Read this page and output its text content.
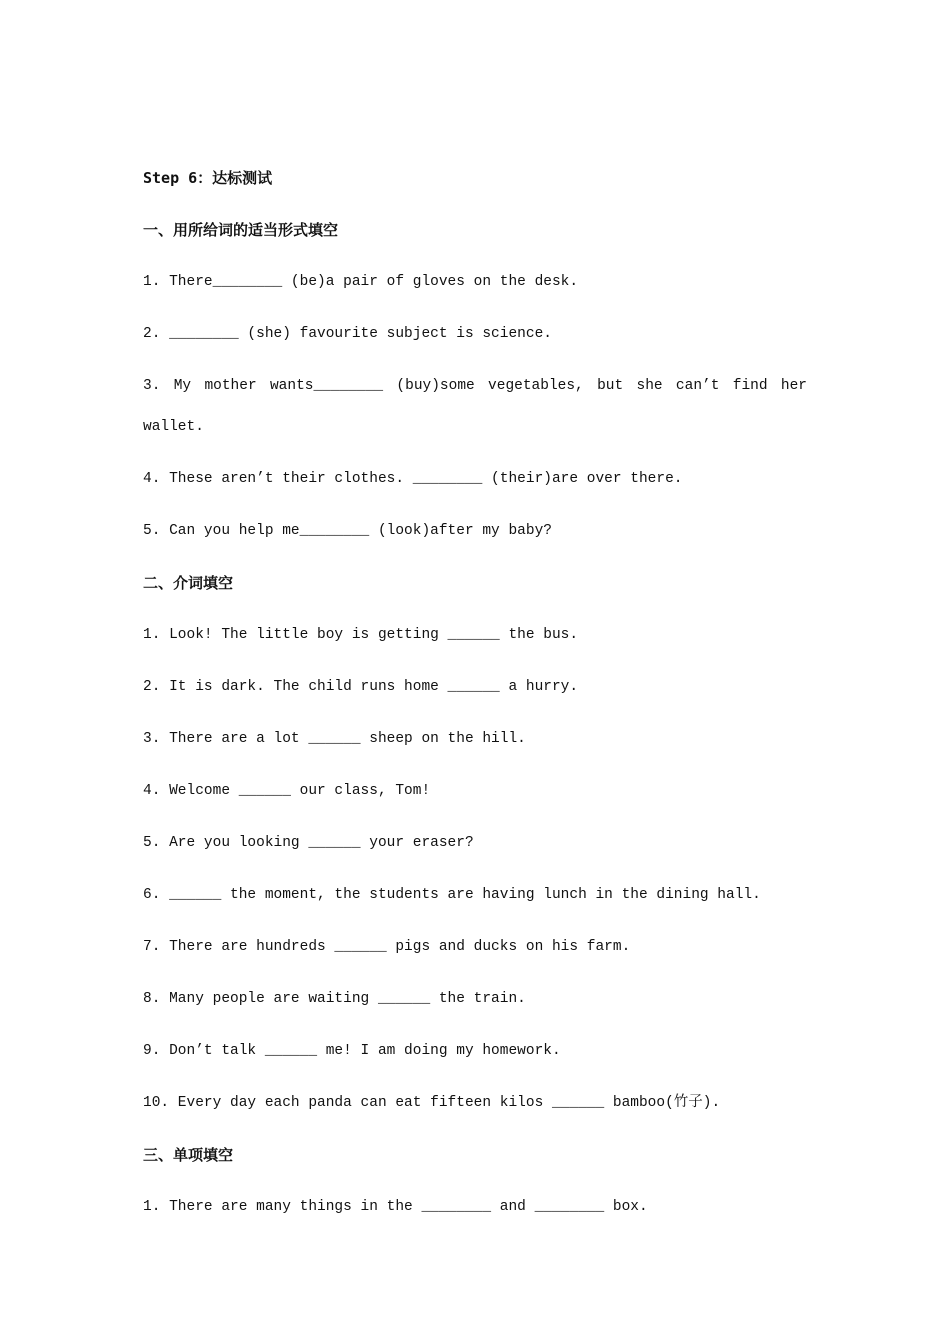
Step 6：达标测试
一、用所给词的适当形式填空
1. There________ (be)a pair of gloves on the desk.
2. ________ (she) favourite subject is science.
3. My mother wants________ (buy)some vegetables, but she can’t find her
wallet.
4. These aren’t their clothes. ________ (their)are over there.
5. Can you help me________ (look)after my baby?
二、介词填空
1. Look! The little boy is getting ______ the bus.
2. It is dark. The child runs home ______ a hurry.
3. There are a lot ______ sheep on the hill.
4. Welcome ______ our class, Tom!
5. Are you looking ______ your eraser?
6. ______ the moment, the students are having lunch in the dining hall.
7. There are hundreds ______ pigs and ducks on his farm.
8. Many people are waiting ______ the train.
9. Don’t talk ______ me! I am doing my homework.
10. Every day each panda can eat fifteen kilos ______ bamboo(竹子).
三、单项填空
1. There are many things in the ________ and ________ box.
